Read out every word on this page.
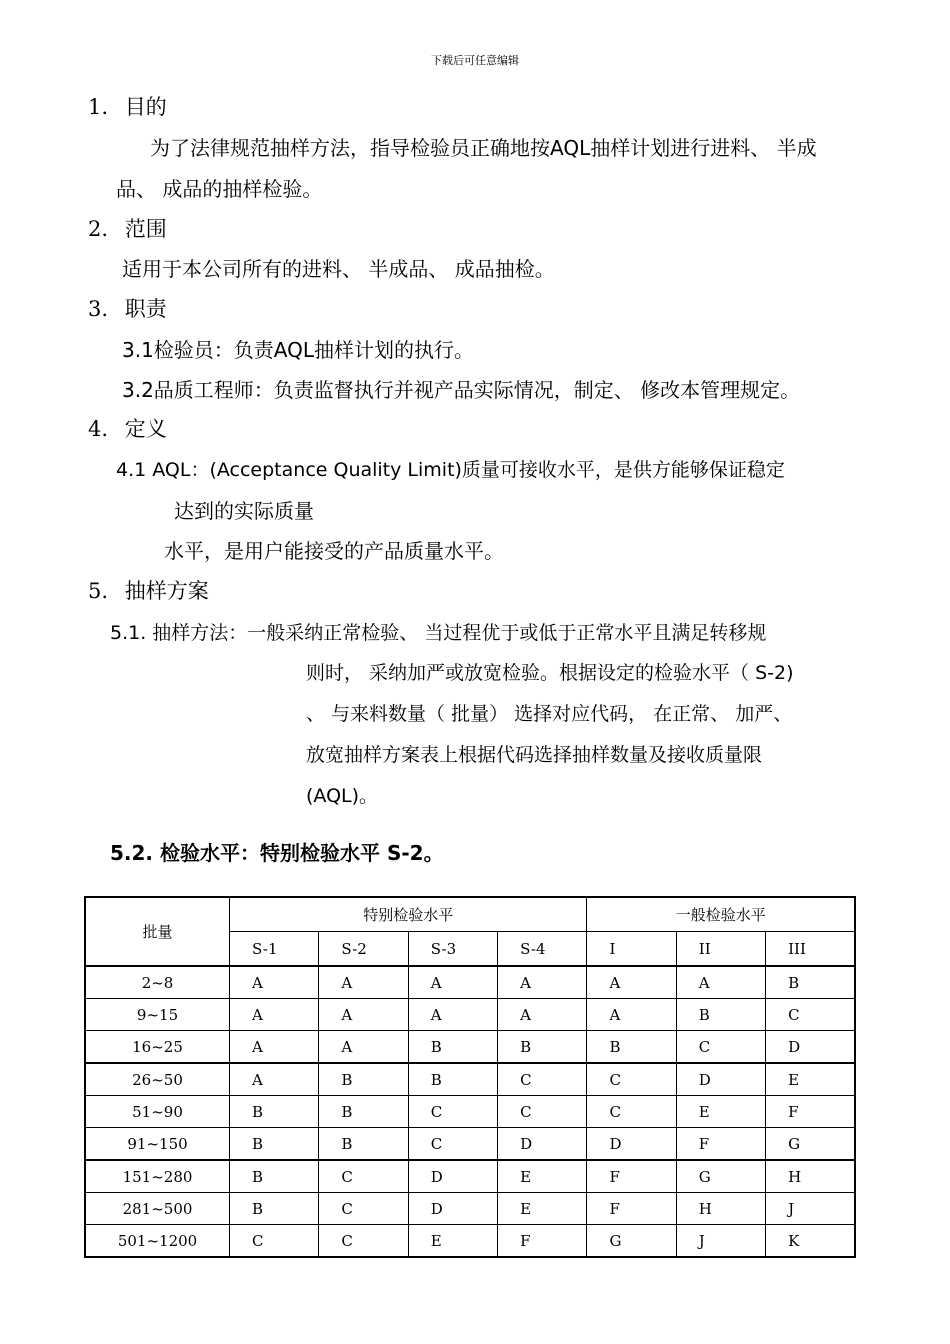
下载后可任意编辑
1. 目的
为了法律规范抽样方法，指导检验员正确地按AQL抽样计划进行进料、 半成
品、 成品的抽样检验。
2. 范围
适用于本公司所有的进料、 半成品、 成品抽检。
3. 职责
3.1检验员：负责AQL抽样计划的执行。
3.2品质工程师：负责监督执行并视产品实际情况，制定、 修改本管理规定。
4. 定义
4.1 AQL：(Acceptance Quality Limit)质量可接收水平，是供方能够保证稳定
达到的实际质量
水平，是用户能接受的产品质量水平。
5. 抽样方案
5.1. 抽样方法：一般采纳正常检验、 当过程优于或低于正常水平且满足转移规
则时， 采纳加严或放宽检验。根据设定的检验水平（ S-2)
、 与来料数量（ 批量） 选择对应代码， 在正常、 加严、
放宽抽样方案表上根据代码选择抽样数量及接收质量限
(AQL)。
5.2. 检验水平：特别检验水平 S-2。
批量	特别检验水平				一般检验水平		
	S-1	S-2	S-3	S-4	I	II	III
2~8	A	A	A	A	A	A	B
9~15	A	A	A	A	A	B	C
16~25	A	A	B	B	B	C	D
26~50	A	B	B	C	C	D	E
51~90	B	B	C	C	C	E	F
91~150	B	B	C	D	D	F	G
151~280	B	C	D	E	F	G	H
281~500	B	C	D	E	F	H	J
501~1200	C	C	E	F	G	J	K
